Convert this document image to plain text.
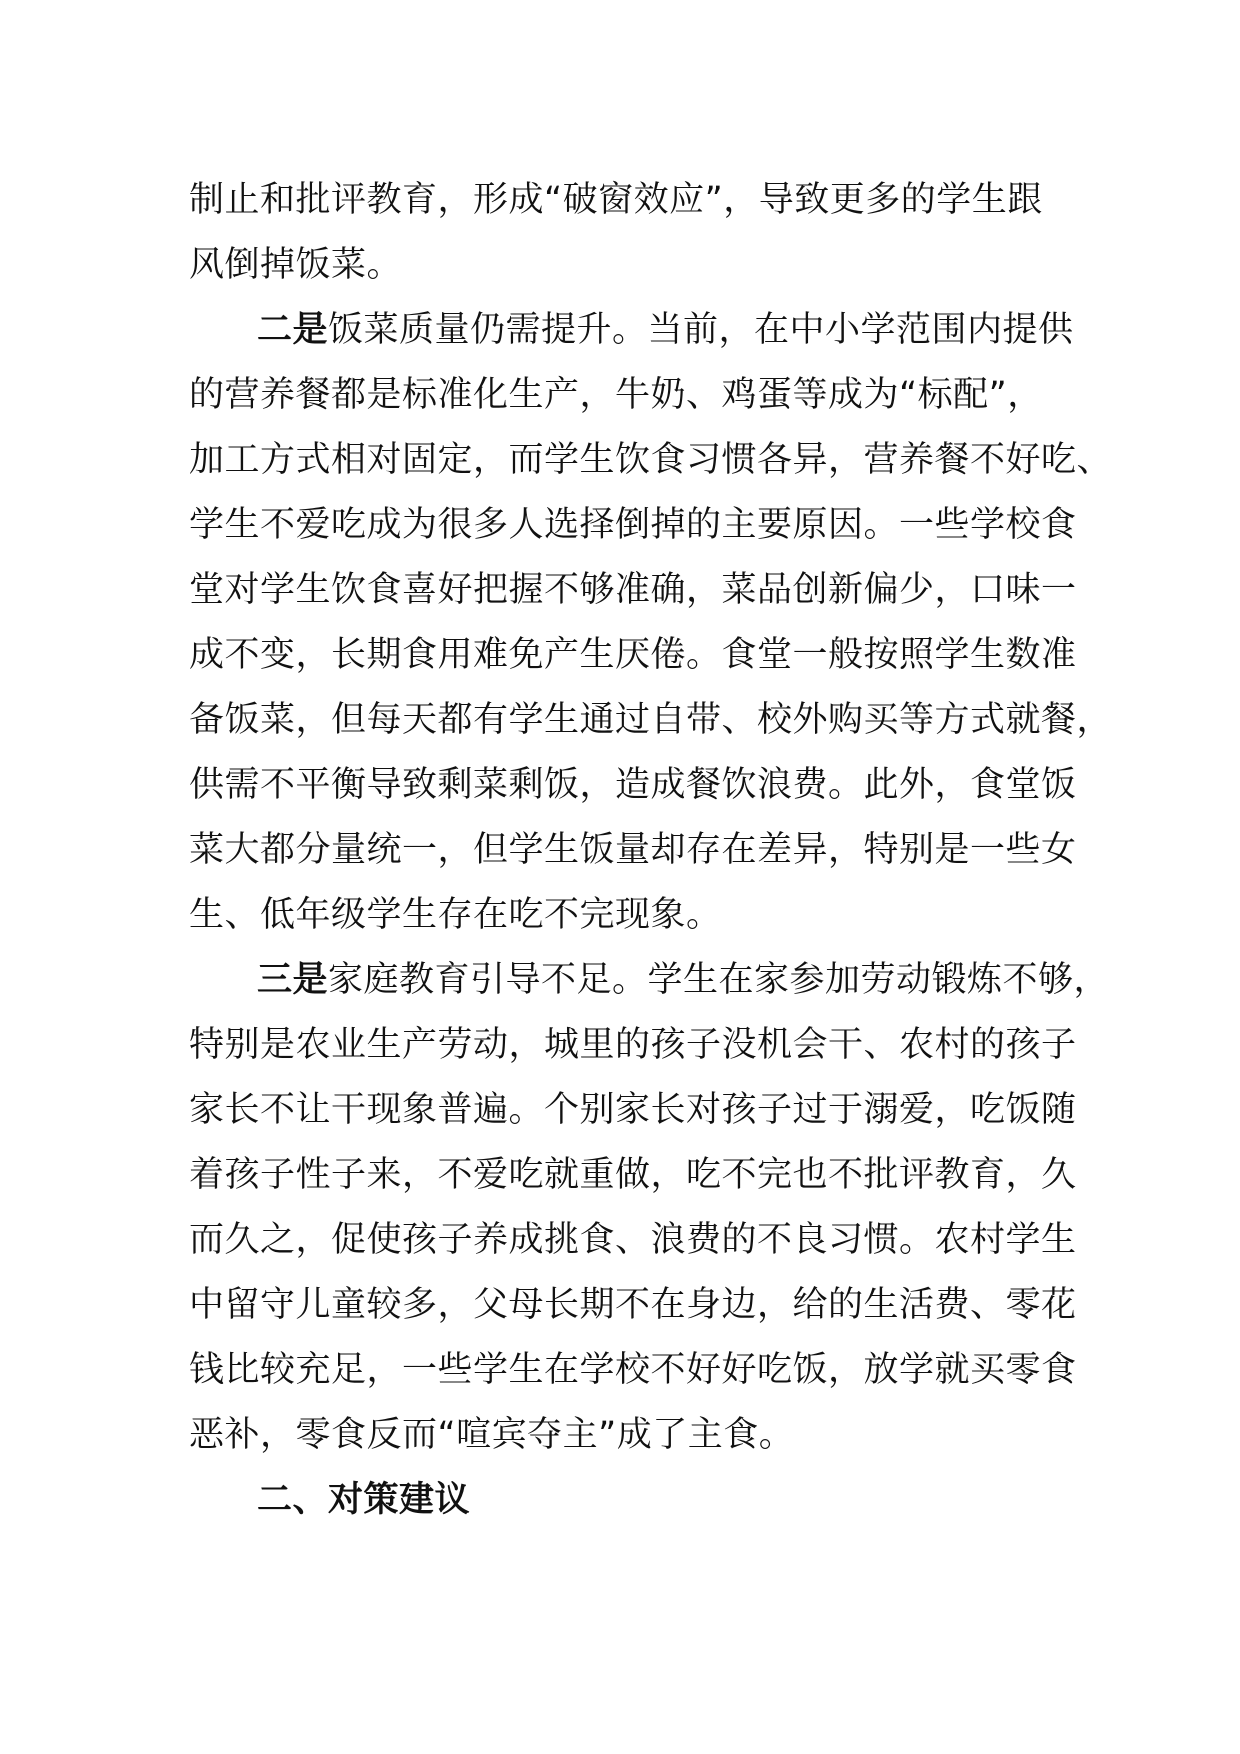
制止和批评教育，形成“破窗效应”，导致更多的学生跟
风倒掉饭菜。
二是饭菜质量仍需提升。当前，在中小学范围内提供
的营养餐都是标准化生产，牛奶、鸡蛋等成为“标配”，
加工方式相对固定，而学生饮食习惯各异，营养餐不好吃、
学生不爱吃成为很多人选择倒掉的主要原因。一些学校食
堂对学生饮食喜好把握不够准确，菜品创新偏少，口味一
成不变，长期食用难免产生厌倦。食堂一般按照学生数准
备饭菜，但每天都有学生通过自带、校外购买等方式就餐，
供需不平衡导致剩菜剩饭，造成餐饮浪费。此外，食堂饭
菜大都分量统一，但学生饭量却存在差异，特别是一些女
生、低年级学生存在吃不完现象。
三是家庭教育引导不足。学生在家参加劳动锻炼不够，
特别是农业生产劳动，城里的孩子没机会干、农村的孩子
家长不让干现象普遍。个别家长对孩子过于溺爱，吃饭随
着孩子性子来，不爱吃就重做，吃不完也不批评教育，久
而久之，促使孩子养成挑食、浪费的不良习惯。农村学生
中留守儿童较多，父母长期不在身边，给的生活费、零花
钱比较充足，一些学生在学校不好好吃饭，放学就买零食
恶补，零食反而“喧宾夺主”成了主食。
二、对策建议
